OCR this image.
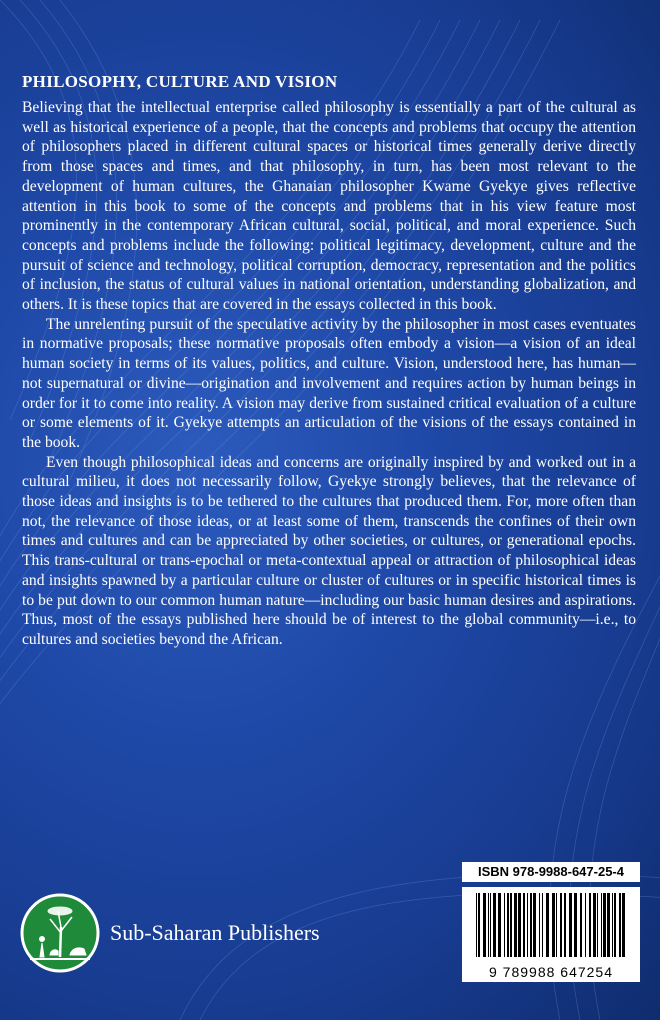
PHILOSOPHY, CULTURE AND VISION

Believing that the intellectual enterprise called philosophy is essentially a part of the cultural as well as historical experience of a people, that the concepts and problems that occupy the attention of philosophers placed in different cultural spaces or historical times generally derive directly from those spaces and times, and that philosophy, in turn, has been most relevant to the development of human cultures, the Ghanaian philosopher Kwame Gyekye gives reflective attention in this book to some of the concepts and problems that in his view feature most prominently in the contemporary African cultural, social, political, and moral experience. Such concepts and problems include the following: political legitimacy, development, culture and the pursuit of science and technology, political corruption, democracy, representation and the politics of inclusion, the status of cultural values in national orientation, understanding globalization, and others. It is these topics that are covered in the essays collected in this book.

The unrelenting pursuit of the speculative activity by the philosopher in most cases eventuates in normative proposals; these normative proposals often embody a vision—a vision of an ideal human society in terms of its values, politics, and culture. Vision, understood here, has human—not supernatural or divine—origination and involvement and requires action by human beings in order for it to come into reality. A vision may derive from sustained critical evaluation of a culture or some elements of it. Gyekye attempts an articulation of the visions of the essays contained in the book.

Even though philosophical ideas and concerns are originally inspired by and worked out in a cultural milieu, it does not necessarily follow, Gyekye strongly believes, that the relevance of those ideas and insights is to be tethered to the cultures that produced them. For, more often than not, the relevance of those ideas, or at least some of them, transcends the confines of their own times and cultures and can be appreciated by other societies, or cultures, or generational epochs. This trans-cultural or trans-epochal or meta-contextual appeal or attraction of philosophical ideas and insights spawned by a particular culture or cluster of cultures or in specific historical times is to be put down to our common human nature—including our basic human desires and aspirations. Thus, most of the essays published here should be of interest to the global community—i.e., to cultures and societies beyond the African.

Sub-Saharan Publishers
ISBN 978-9988-647-25-4
9 789988 647254
